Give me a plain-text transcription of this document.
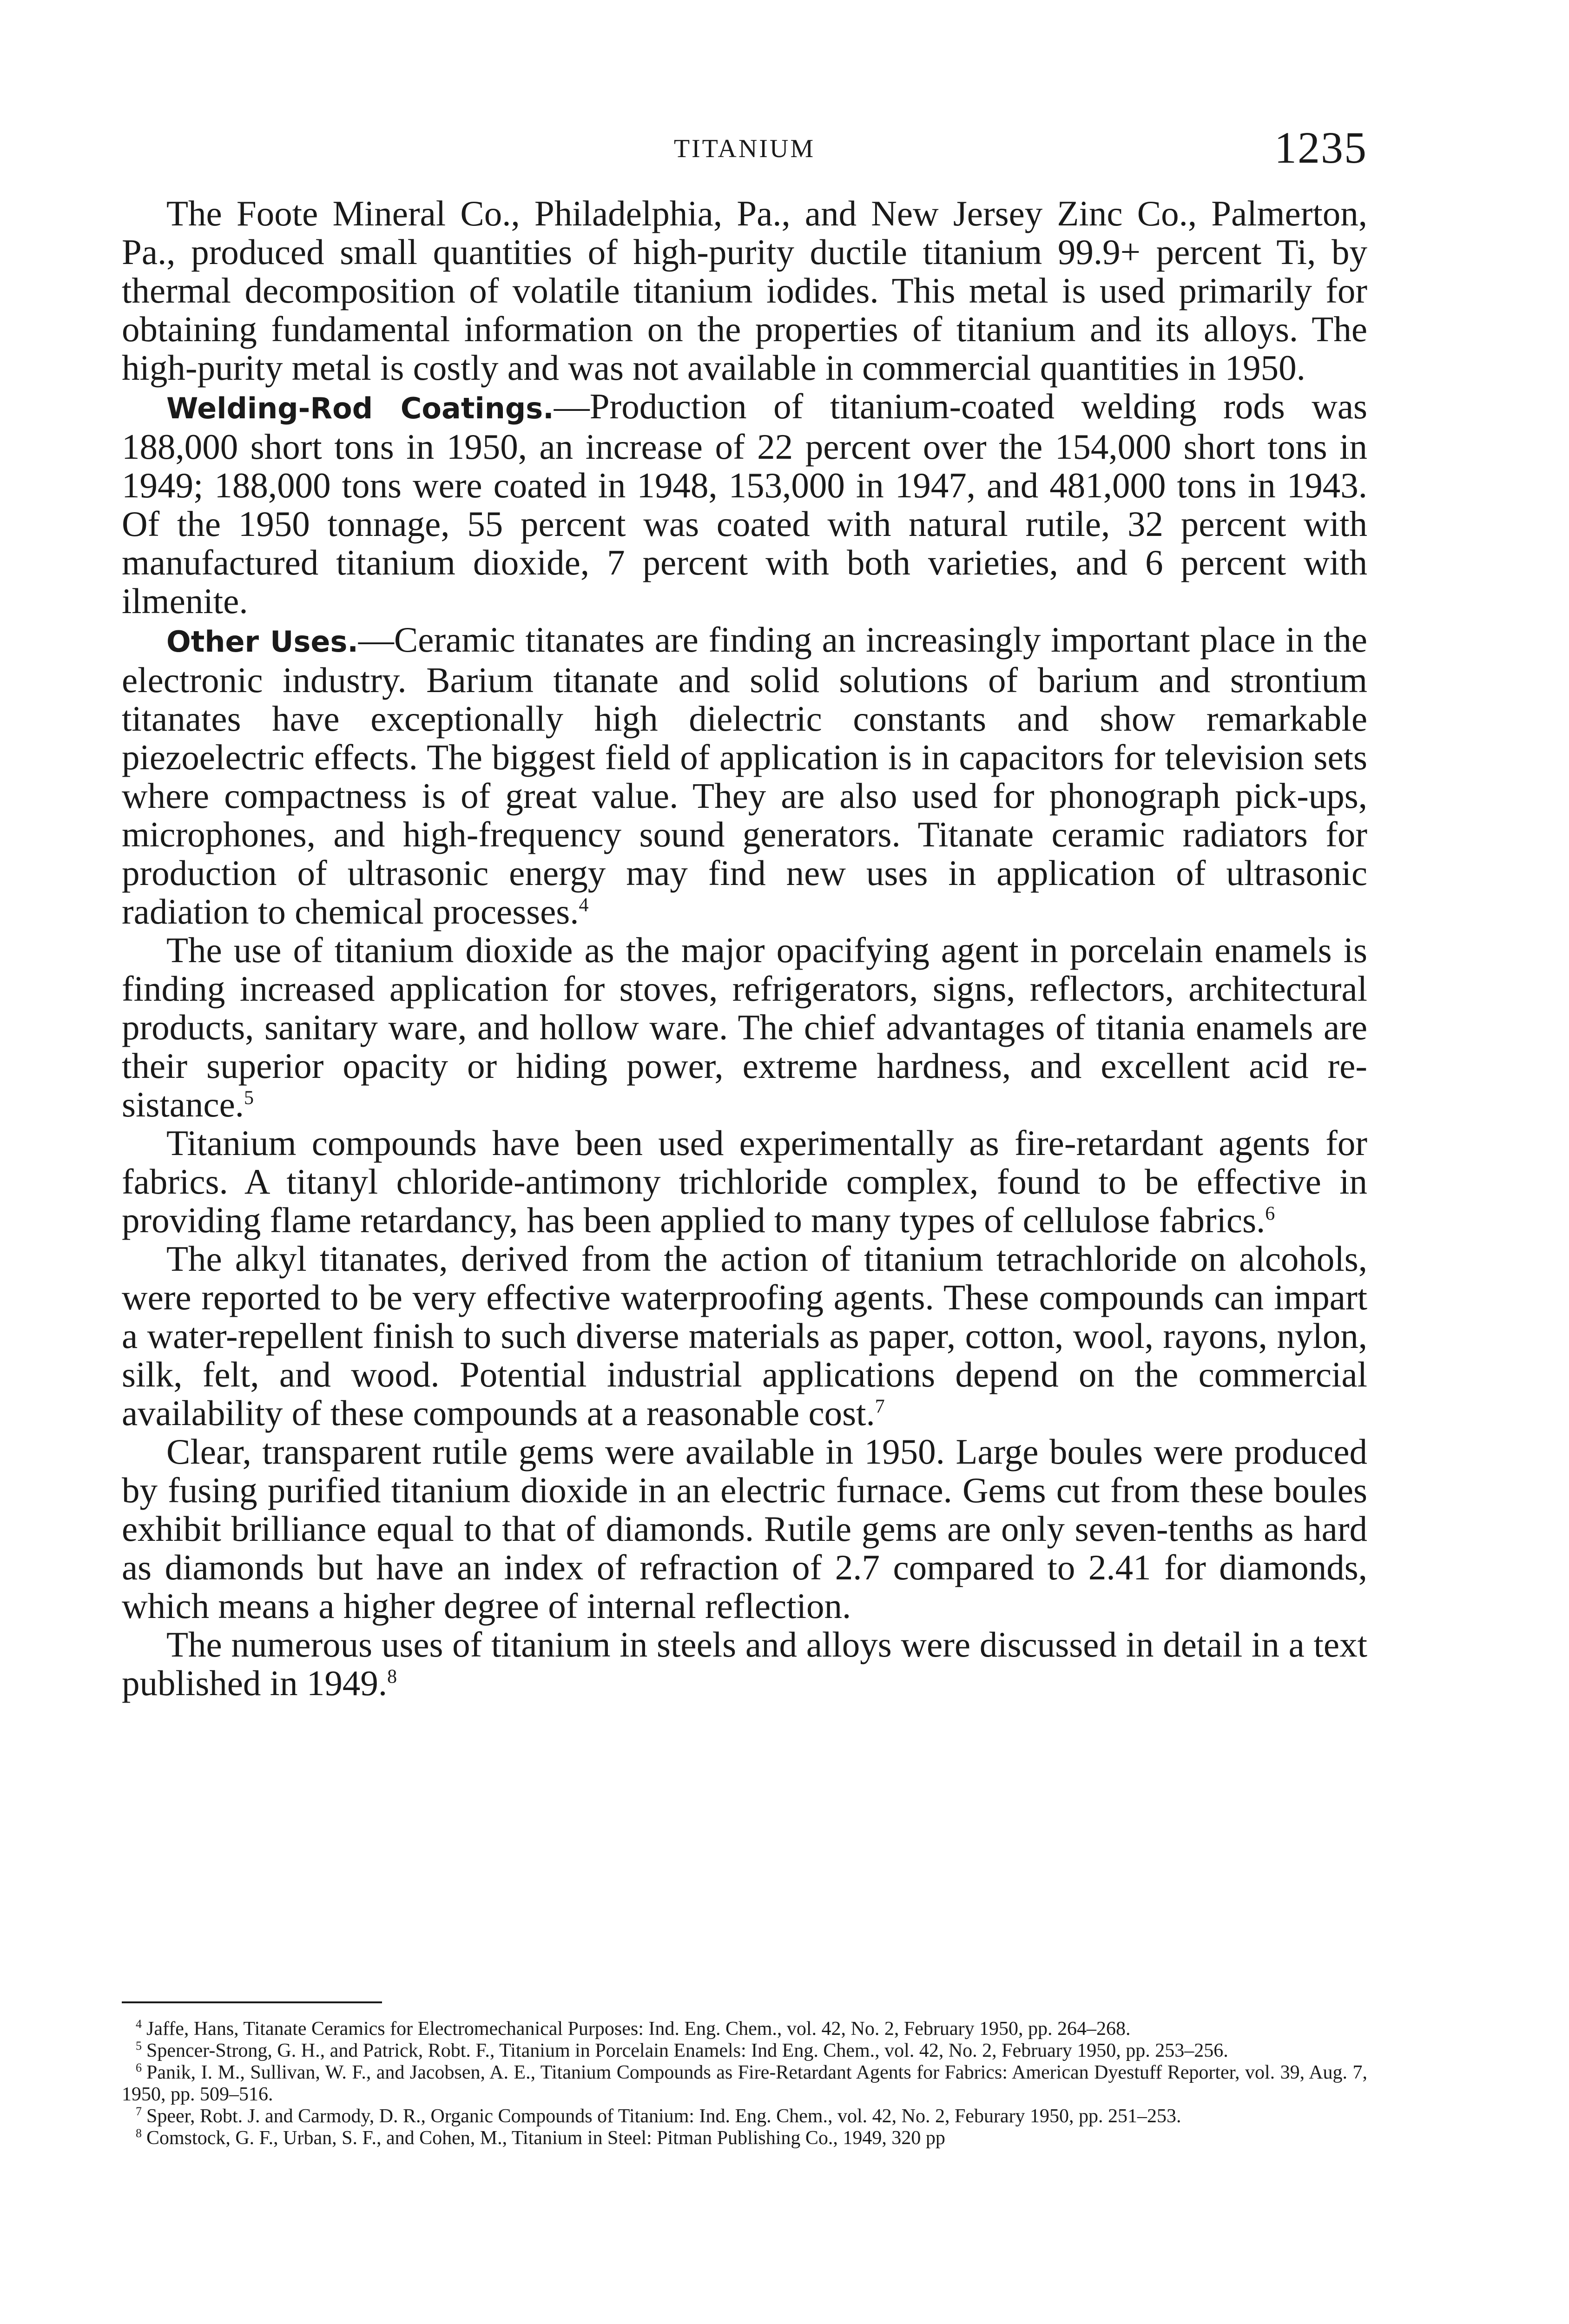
TITANIUM	1235

The Foote Mineral Co., Philadelphia, Pa., and New Jersey Zinc Co., Palmerton, Pa., produced small quantities of high-purity ductile titanium 99.9+ percent Ti, by thermal decomposition of volatile titanium iodides. This metal is used primarily for obtaining fundamental information on the properties of titanium and its alloys. The high-purity metal is costly and was not available in commercial quantities in 1950.

Welding-Rod Coatings.—Production of titanium-coated welding rods was 188,000 short tons in 1950, an increase of 22 percent over the 154,000 short tons in 1949; 188,000 tons were coated in 1948, 153,000 in 1947, and 481,000 tons in 1943. Of the 1950 tonnage, 55 percent was coated with natural rutile, 32 percent with manufactured titanium dioxide, 7 percent with both varieties, and 6 percent with ilmenite.

Other Uses.—Ceramic titanates are finding an increasingly important place in the electronic industry. Barium titanate and solid solutions of barium and strontium titanates have exceptionally high dielectric constants and show remarkable piezoelectric effects. The biggest field of application is in capacitors for television sets where compactness is of great value. They are also used for phonograph pick-ups, microphones, and high-frequency sound generators. Titanate ceramic radiators for production of ultrasonic energy may find new uses in application of ultrasonic radiation to chemical processes.$^4$

The use of titanium dioxide as the major opacifying agent in porcelain enamels is finding increased application for stoves, refrigerators, signs, reflectors, architectural products, sanitary ware, and hollow ware. The chief advantages of titania enamels are their superior opacity or hiding power, extreme hardness, and excellent acid resistance.$^5$

Titanium compounds have been used experimentally as fire-retardant agents for fabrics. A titanyl chloride-antimony trichloride complex, found to be effective in providing flame retardancy, has been applied to many types of cellulose fabrics.$^6$

The alkyl titanates, derived from the action of titanium tetrachloride on alcohols, were reported to be very effective waterproofing agents. These compounds can impart a water-repellent finish to such diverse materials as paper, cotton, wool, rayons, nylon, silk, felt, and wood. Potential industrial applications depend on the commercial availability of these compounds at a reasonable cost.$^7$

Clear, transparent rutile gems were available in 1950. Large boules were produced by fusing purified titanium dioxide in an electric furnace. Gems cut from these boules exhibit brilliance equal to that of diamonds. Rutile gems are only seven-tenths as hard as diamonds but have an index of refraction of 2.7 compared to 2.41 for diamonds, which means a higher degree of internal reflection.

The numerous uses of titanium in steels and alloys were discussed in detail in a text published in 1949.$^8$

$^4$ Jaffe, Hans, Titanate Ceramics for Electromechanical Purposes: Ind. Eng. Chem., vol. 42, No. 2, February 1950, pp. 264–268.

$^5$ Spencer-Strong, G. H., and Patrick, Robt. F., Titanium in Porcelain Enamels: Ind Eng. Chem., vol. 42, No. 2, February 1950, pp. 253–256.

$^6$ Panik, I. M., Sullivan, W. F., and Jacobsen, A. E., Titanium Compounds as Fire-Retardant Agents for Fabrics: American Dyestuff Reporter, vol. 39, Aug. 7, 1950, pp. 509–516.

$^7$ Speer, Robt. J. and Carmody, D. R., Organic Compounds of Titanium: Ind. Eng. Chem., vol. 42, No. 2, Feburary 1950, pp. 251–253.

$^8$ Comstock, G. F., Urban, S. F., and Cohen, M., Titanium in Steel: Pitman Publishing Co., 1949, 320 pp
